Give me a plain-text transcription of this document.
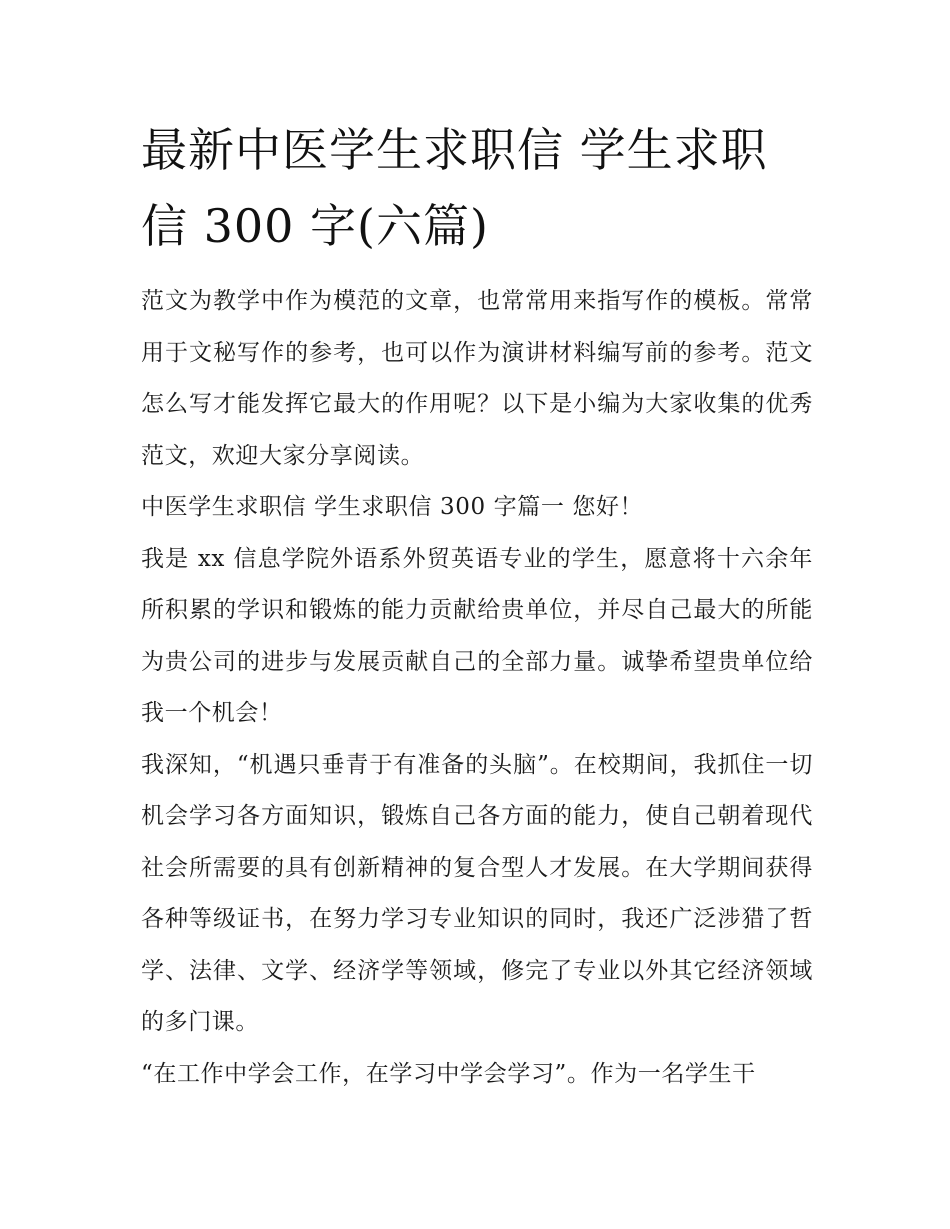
最新中医学生求职信 学生求职信 300 字(六篇)

范文为教学中作为模范的文章，也常常用来指写作的模板。常常用于文秘写作的参考，也可以作为演讲材料编写前的参考。范文怎么写才能发挥它最大的作用呢？以下是小编为大家收集的优秀范文，欢迎大家分享阅读。

中医学生求职信 学生求职信 300 字篇一 您好！

我是 xx 信息学院外语系外贸英语专业的学生，愿意将十六余年所积累的学识和锻炼的能力贡献给贵单位，并尽自己最大的所能为贵公司的进步与发展贡献自己的全部力量。诚挚希望贵单位给我一个机会！

我深知，“机遇只垂青于有准备的头脑”。在校期间，我抓住一切机会学习各方面知识，锻炼自己各方面的能力，使自己朝着现代社会所需要的具有创新精神的复合型人才发展。在大学期间获得各种等级证书，在努力学习专业知识的同时，我还广泛涉猎了哲学、法律、文学、经济学等领域，修完了专业以外其它经济领域的多门课。

“在工作中学会工作，在学习中学会学习”。作为一名学生干
